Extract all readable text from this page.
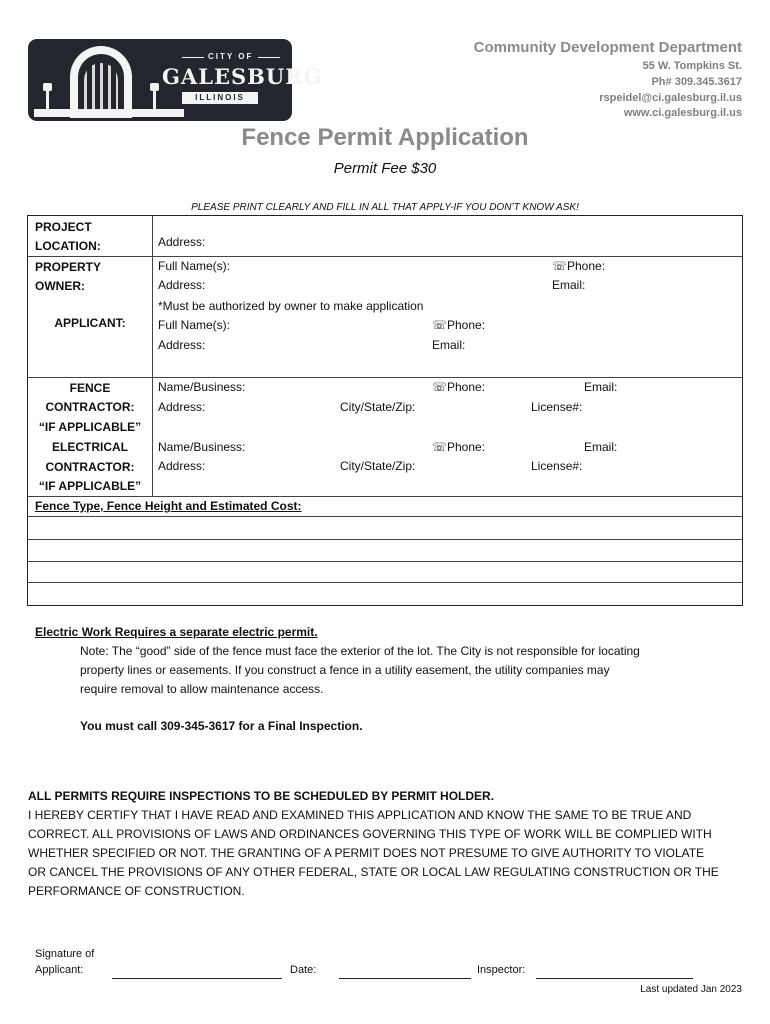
CITY OF
GALESBURG
ILLINOIS
Community Development Department
55 W. Tompkins St.
Ph# 309.345.3617
rspeidel@ci.galesburg.il.us
www.ci.galesburg.il.us
Fence Permit Application
Permit Fee $30
PLEASE PRINT CLEARLY AND FILL IN ALL THAT APPLY-IF YOU DON’T KNOW ASK!
PROJECT
LOCATION:	Address:
PROPERTY
OWNER:
Full Name(s):	☏Phone:
Address:	Email:
*Must be authorized by owner to make application
APPLICANT:	Full Name(s):	☏Phone:
Address:	Email:
FENCE
CONTRACTOR:
“IF APPLICABLE”
Name/Business:	☏Phone:	Email:
Address:	City/State/Zip:	License#:
ELECTRICAL
CONTRACTOR:
“IF APPLICABLE”
Name/Business:	☏Phone:	Email:
Address:	City/State/Zip:	License#:
Fence Type, Fence Height and Estimated Cost:
Electric Work Requires a separate electric permit.
Note: The “good” side of the fence must face the exterior of the lot. The City is not responsible for locating
property lines or easements. If you construct a fence in a utility easement, the utility companies may
require removal to allow maintenance access.
You must call 309-345-3617 for a Final Inspection.
ALL PERMITS REQUIRE INSPECTIONS TO BE SCHEDULED BY PERMIT HOLDER.
I HEREBY CERTIFY THAT I HAVE READ AND EXAMINED THIS APPLICATION AND KNOW THE SAME TO BE TRUE AND
CORRECT. ALL PROVISIONS OF LAWS AND ORDINANCES GOVERNING THIS TYPE OF WORK WILL BE COMPLIED WITH
WHETHER SPECIFIED OR NOT. THE GRANTING OF A PERMIT DOES NOT PRESUME TO GIVE AUTHORITY TO VIOLATE
OR CANCEL THE PROVISIONS OF ANY OTHER FEDERAL, STATE OR LOCAL LAW REGULATING CONSTRUCTION OR THE
PERFORMANCE OF CONSTRUCTION.
Signature of
Applicant:	Date:	Inspector:
Last updated Jan 2023
